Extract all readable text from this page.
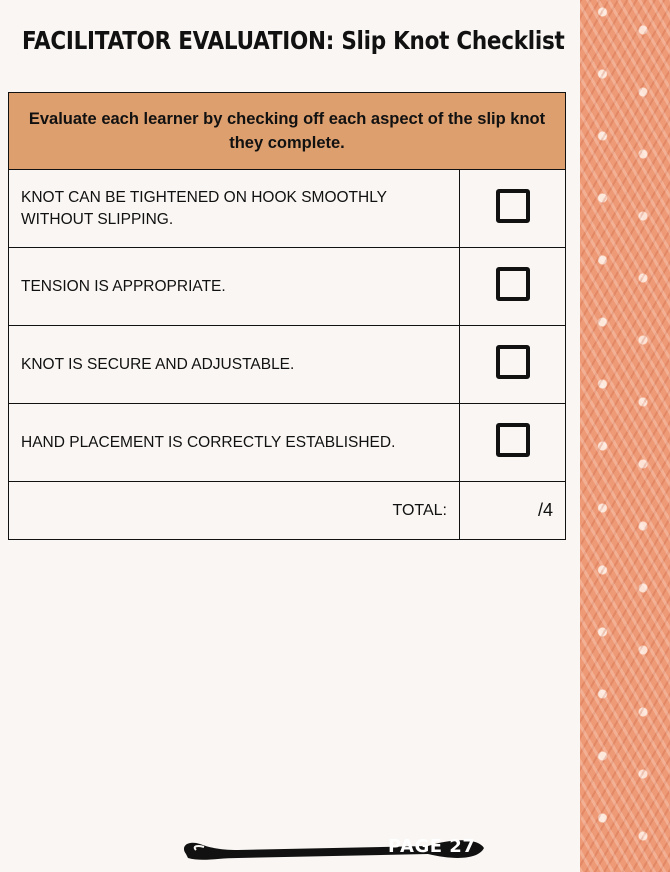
FACILITATOR EVALUATION: Slip Knot Checklist
Evaluate each learner by checking off each aspect of the slip knot they complete.	
KNOT CAN BE TIGHTENED ON HOOK SMOOTHLY WITHOUT SLIPPING.	
TENSION IS APPROPRIATE.	
KNOT IS SECURE AND ADJUSTABLE.	
HAND PLACEMENT IS CORRECTLY ESTABLISHED.	
TOTAL:	/4
PAGE 27
